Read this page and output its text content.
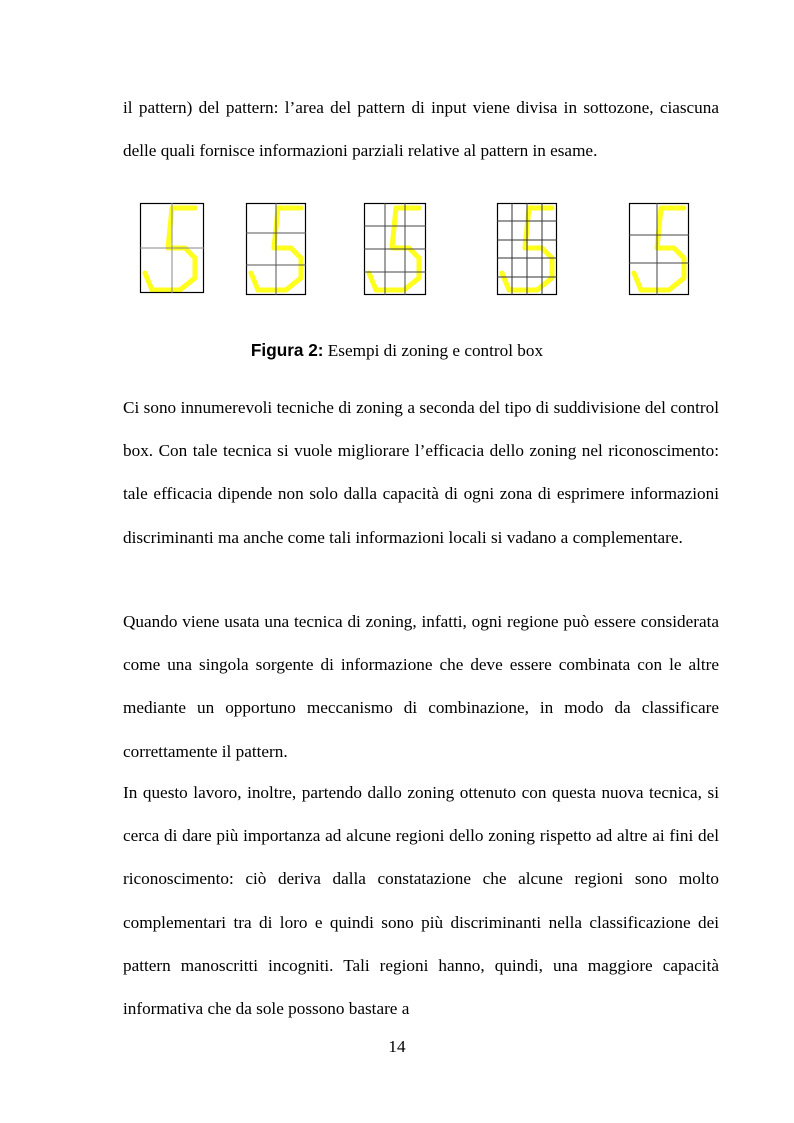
il pattern) del pattern: l’area del pattern di input viene divisa in sottozone, ciascuna delle quali fornisce informazioni parziali relative al pattern in esame.

Figura 2: Esempi di zoning e control box

Ci sono innumerevoli tecniche di zoning a seconda del tipo di suddivisione del control box. Con tale tecnica si vuole migliorare l’efficacia dello zoning nel riconoscimento: tale efficacia dipende non solo dalla capacità di ogni zona di esprimere informazioni discriminanti ma anche come tali informazioni locali si vadano a complementare.

Quando viene usata una tecnica di zoning, infatti, ogni regione può essere considerata come una singola sorgente di informazione che deve essere combinata con le altre mediante un opportuno meccanismo di combinazione, in modo da classificare correttamente il pattern.

In questo lavoro, inoltre, partendo dallo zoning ottenuto con questa nuova tecnica, si cerca di dare più importanza ad alcune regioni dello zoning rispetto ad altre ai fini del riconoscimento: ciò deriva dalla constatazione che alcune regioni sono molto complementari tra di loro e quindi sono più discriminanti nella classificazione dei pattern manoscritti incogniti. Tali regioni hanno, quindi, una maggiore capacità informativa che da sole possono bastare a

14
